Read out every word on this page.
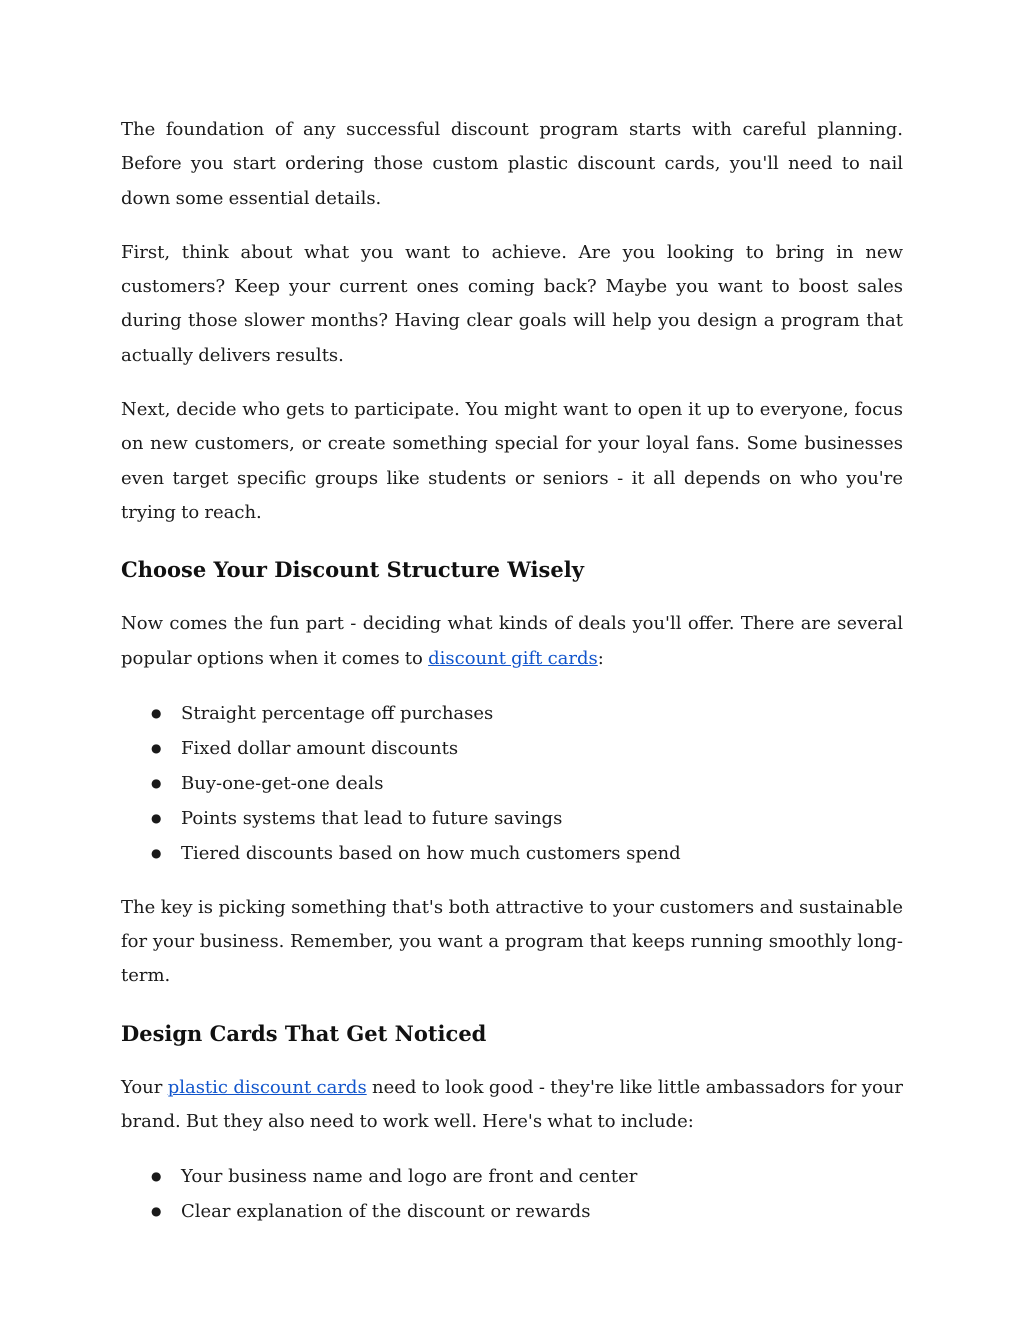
The foundation of any successful discount program starts with careful planning. Before you start ordering those custom plastic discount cards, you'll need to nail down some essential details.

First, think about what you want to achieve. Are you looking to bring in new customers? Keep your current ones coming back? Maybe you want to boost sales during those slower months? Having clear goals will help you design a program that actually delivers results.

Next, decide who gets to participate. You might want to open it up to everyone, focus on new customers, or create something special for your loyal fans. Some businesses even target specific groups like students or seniors - it all depends on who you're trying to reach.

Choose Your Discount Structure Wisely

Now comes the fun part - deciding what kinds of deals you'll offer. There are several popular options when it comes to discount gift cards:

● Straight percentage off purchases
● Fixed dollar amount discounts
● Buy-one-get-one deals
● Points systems that lead to future savings
● Tiered discounts based on how much customers spend

The key is picking something that's both attractive to your customers and sustainable for your business. Remember, you want a program that keeps running smoothly long-term.

Design Cards That Get Noticed

Your plastic discount cards need to look good - they're like little ambassadors for your brand. But they also need to work well. Here's what to include:

● Your business name and logo are front and center
● Clear explanation of the discount or rewards
